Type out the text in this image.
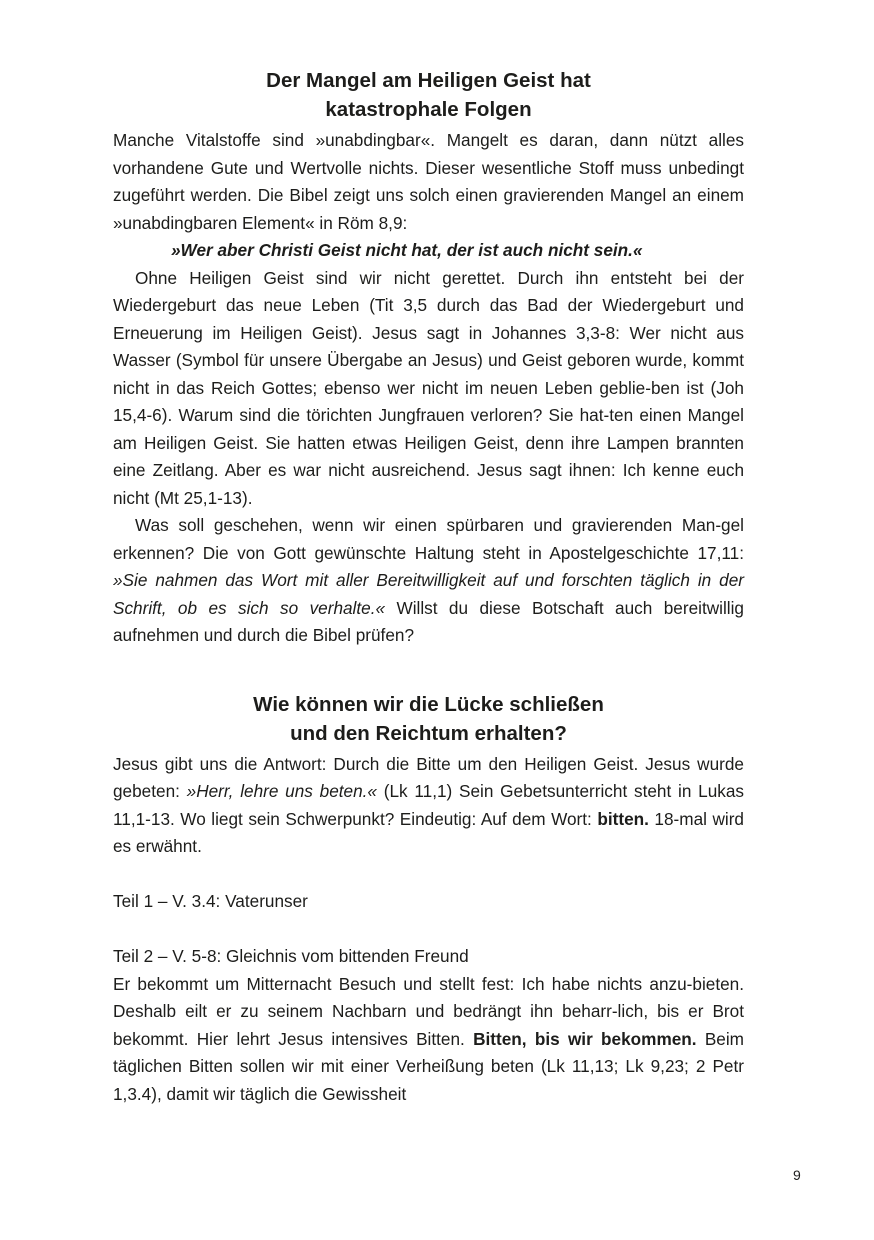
Der Mangel am Heiligen Geist hat
katastrophale Folgen

Manche Vitalstoffe sind »unabdingbar«. Mangelt es daran, dann nützt alles vorhandene Gute und Wertvolle nichts. Dieser wesentliche Stoff muss unbedingt zugeführt werden. Die Bibel zeigt uns solch einen gravierenden Mangel an einem »unabdingbaren Element« in Röm 8,9:

»Wer aber Christi Geist nicht hat, der ist auch nicht sein.«

Ohne Heiligen Geist sind wir nicht gerettet. Durch ihn entsteht bei der Wiedergeburt das neue Leben (Tit 3,5 durch das Bad der Wiedergeburt und Erneuerung im Heiligen Geist). Jesus sagt in Johannes 3,3-8: Wer nicht aus Wasser (Symbol für unsere Übergabe an Jesus) und Geist geboren wurde, kommt nicht in das Reich Gottes; ebenso wer nicht im neuen Leben geblie-ben ist (Joh 15,4-6). Warum sind die törichten Jungfrauen verloren? Sie hat-ten einen Mangel am Heiligen Geist. Sie hatten etwas Heiligen Geist, denn ihre Lampen brannten eine Zeitlang. Aber es war nicht ausreichend. Jesus sagt ihnen: Ich kenne euch nicht (Mt 25,1-13).

Was soll geschehen, wenn wir einen spürbaren und gravierenden Man-gel erkennen? Die von Gott gewünschte Haltung steht in Apostelgeschichte 17,11: »Sie nahmen das Wort mit aller Bereitwilligkeit auf und forschten täglich in der Schrift, ob es sich so verhalte.« Willst du diese Botschaft auch bereitwillig aufnehmen und durch die Bibel prüfen?

Wie können wir die Lücke schließen
und den Reichtum erhalten?

Jesus gibt uns die Antwort: Durch die Bitte um den Heiligen Geist. Jesus wurde gebeten: »Herr, lehre uns beten.« (Lk 11,1) Sein Gebetsunterricht steht in Lukas 11,1-13. Wo liegt sein Schwerpunkt? Eindeutig: Auf dem Wort: bitten. 18-mal wird es erwähnt.

Teil 1 – V. 3.4: Vaterunser

Teil 2 – V. 5-8: Gleichnis vom bittenden Freund

Er bekommt um Mitternacht Besuch und stellt fest: Ich habe nichts anzu-bieten. Deshalb eilt er zu seinem Nachbarn und bedrängt ihn beharr-lich, bis er Brot bekommt. Hier lehrt Jesus intensives Bitten. Bitten, bis wir bekommen. Beim täglichen Bitten sollen wir mit einer Verheißung beten (Lk 11,13; Lk 9,23; 2 Petr 1,3.4), damit wir täglich die Gewissheit

9
